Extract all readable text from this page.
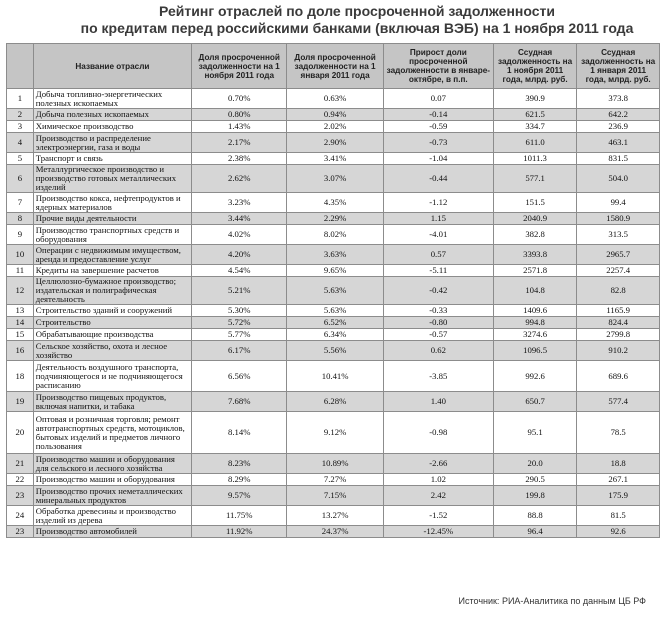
Рейтинг отраслей по доле просроченной задолженности
по кредитам перед российскими банками (включая ВЭБ) на 1 ноября 2011 года
	Название отрасли	Доля просроченной задолженности на 1 ноября 2011 года	Доля просроченной задолженности на 1 января 2011 года	Прирост доли просроченной задолженности в январе-октябре, в п.п.	Ссудная задолженность на 1 ноября 2011 года, млрд. руб.	Ссудная задолженность на 1 января 2011 года, млрд. руб.
1	Добыча топливно-энергетических полезных ископаемых	0.70%	0.63%	0.07	390.9	373.8
2	Добыча полезных ископаемых	0.80%	0.94%	-0.14	621.5	642.2
3	Химическое производство	1.43%	2.02%	-0.59	334.7	236.9
4	Производство и распределение электроэнергии, газа и воды	2.17%	2.90%	-0.73	611.0	463.1
5	Транспорт и связь	2.38%	3.41%	-1.04	1011.3	831.5
6	Металлургическое производство и производство готовых металлических изделий	2.62%	3.07%	-0.44	577.1	504.0
7	Производство кокса, нефтепродуктов и ядерных материалов	3.23%	4.35%	-1.12	151.5	99.4
8	Прочие виды деятельности	3.44%	2.29%	1.15	2040.9	1580.9
9	Производство транспортных средств и оборудования	4.02%	8.02%	-4.01	382.8	313.5
10	Операции с недвижимым имуществом, аренда и предоставление услуг	4.20%	3.63%	0.57	3393.8	2965.7
11	Кредиты на завершение расчетов	4.54%	9.65%	-5.11	2571.8	2257.4
12	Целлюлозно-бумажное производство; издательская и полиграфическая деятельность	5.21%	5.63%	-0.42	104.8	82.8
13	Строительство зданий и сооружений	5.30%	5.63%	-0.33	1409.6	1165.9
14	Строительство	5.72%	6.52%	-0.80	994.8	824.4
15	Обрабатывающие производства	5.77%	6.34%	-0.57	3274.6	2799.8
16	Сельское хозяйство, охота и лесное хозяйство	6.17%	5.56%	0.62	1096.5	910.2
18	Деятельность воздушного транспорта, подчиняющегося и не подчиняющегося расписанию	6.56%	10.41%	-3.85	992.6	689.6
19	Производство пищевых продуктов, включая напитки, и табака	7.68%	6.28%	1.40	650.7	577.4
20	Оптовая и розничная торговля; ремонт автотранспортных средств, мотоциклов, бытовых изделий и предметов личного пользования	8.14%	9.12%	-0.98	95.1	78.5
21	Производство машин и оборудования для сельского и лесного хозяйства	8.23%	10.89%	-2.66	20.0	18.8
22	Производство машин и оборудования	8.29%	7.27%	1.02	290.5	267.1
23	Производство прочих неметаллических минеральных продуктов	9.57%	7.15%	2.42	199.8	175.9
24	Обработка древесины и производство изделий из дерева	11.75%	13.27%	-1.52	88.8	81.5
23	Производство автомобилей	11.92%	24.37%	-12.45%	96.4	92.6
Источник: РИА-Аналитика по данным ЦБ РФ
